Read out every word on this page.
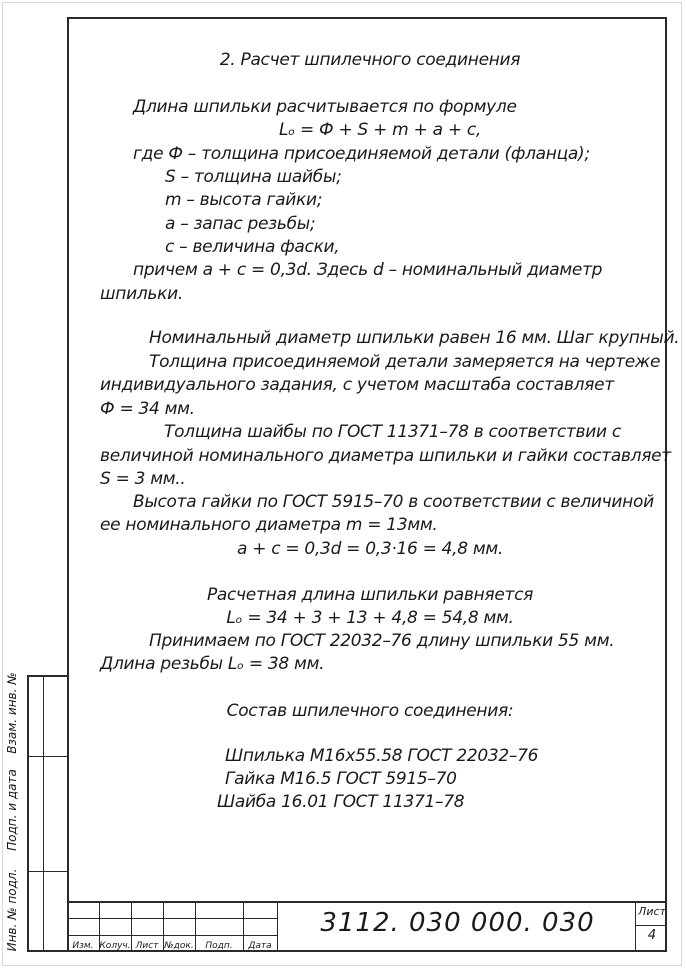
Взам. инв. №
Подп. и дата
Инв. № подл.
2. Расчет шпилечного соединения
Длина шпильки расчитывается по формуле
Lₒ = Ф + S + m + a + c,
где Ф – толщина присоединяемой детали (фланца);
S – толщина шайбы;
m – высота гайки;
a – запас резьбы;
c – величина фаски,
причем a + c = 0,3d. Здесь d – номинальный диаметр
шпильки.
Номинальный диаметр шпильки равен 16 мм. Шаг крупный.
Толщина присоединяемой детали замеряется на чертеже
индивидуального задания, с учетом масштаба составляет
Ф = 34 мм.
Толщина шайбы по ГОСТ 11371–78 в соответствии с
величиной номинального диаметра шпильки и гайки составляет
S = 3 мм..
Высота гайки по ГОСТ 5915–70 в соответствии с величиной
ее номинального диаметра m = 13мм.
a + c = 0,3d = 0,3·16 = 4,8 мм.
Расчетная длина шпильки равняется
Lₒ = 34 + 3 + 13 + 4,8 = 54,8 мм.
Принимаем по ГОСТ 22032–76 длину шпильки 55 мм.
Длина резьбы Lₒ = 38 мм.
Состав шпилечного соединения:
Шпилька М16х55.58 ГОСТ 22032–76
Гайка М16.5 ГОСТ 5915–70
Шайба 16.01 ГОСТ 11371–78
Изм. Колуч. Лист №док.	Подп.	Дата
3112. 030 000. 030	Лист
4
